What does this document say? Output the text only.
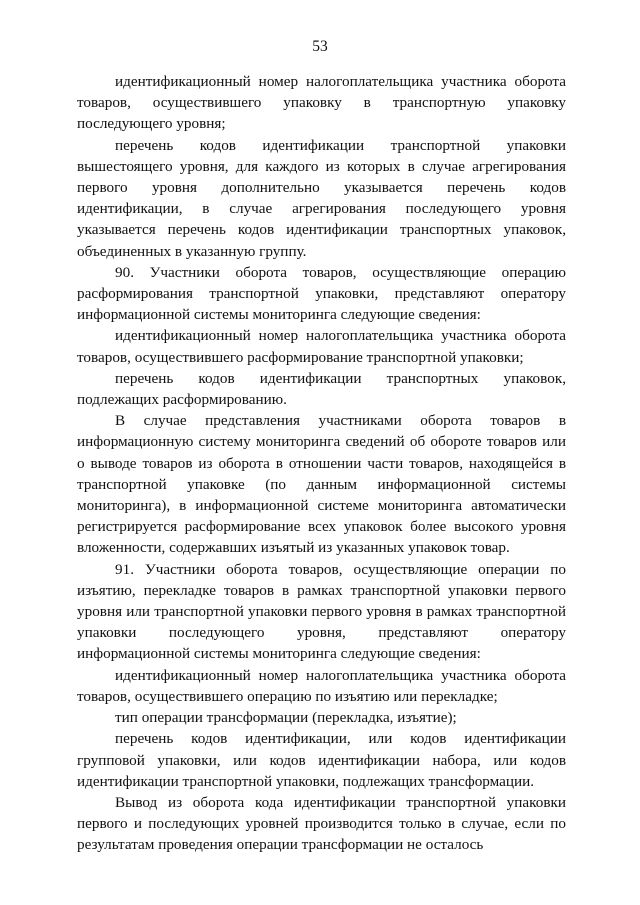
53

идентификационный номер налогоплательщика участника оборота товаров, осуществившего упаковку в транспортную упаковку последующего уровня;

перечень кодов идентификации транспортной упаковки вышестоящего уровня, для каждого из которых в случае агрегирования первого уровня дополнительно указывается перечень кодов идентификации, в случае агрегирования последующего уровня указывается перечень кодов идентификации транспортных упаковок, объединенных в указанную группу.

90. Участники оборота товаров, осуществляющие операцию расформирования транспортной упаковки, представляют оператору информационной системы мониторинга следующие сведения:

идентификационный номер налогоплательщика участника оборота товаров, осуществившего расформирование транспортной упаковки;

перечень кодов идентификации транспортных упаковок, подлежащих расформированию.

В случае представления участниками оборота товаров в информационную систему мониторинга сведений об обороте товаров или о выводе товаров из оборота в отношении части товаров, находящейся в транспортной упаковке (по данным информационной системы мониторинга), в информационной системе мониторинга автоматически регистрируется расформирование всех упаковок более высокого уровня вложенности, содержавших изъятый из указанных упаковок товар.

91. Участники оборота товаров, осуществляющие операции по изъятию, перекладке товаров в рамках транспортной упаковки первого уровня или транспортной упаковки первого уровня в рамках транспортной упаковки последующего уровня, представляют оператору информационной системы мониторинга следующие сведения:

идентификационный номер налогоплательщика участника оборота товаров, осуществившего операцию по изъятию или перекладке;

тип операции трансформации (перекладка, изъятие);

перечень кодов идентификации, или кодов идентификации групповой упаковки, или кодов идентификации набора, или кодов идентификации транспортной упаковки, подлежащих трансформации.

Вывод из оборота кода идентификации транспортной упаковки первого и последующих уровней производится только в случае, если по результатам проведения операции трансформации не осталось
